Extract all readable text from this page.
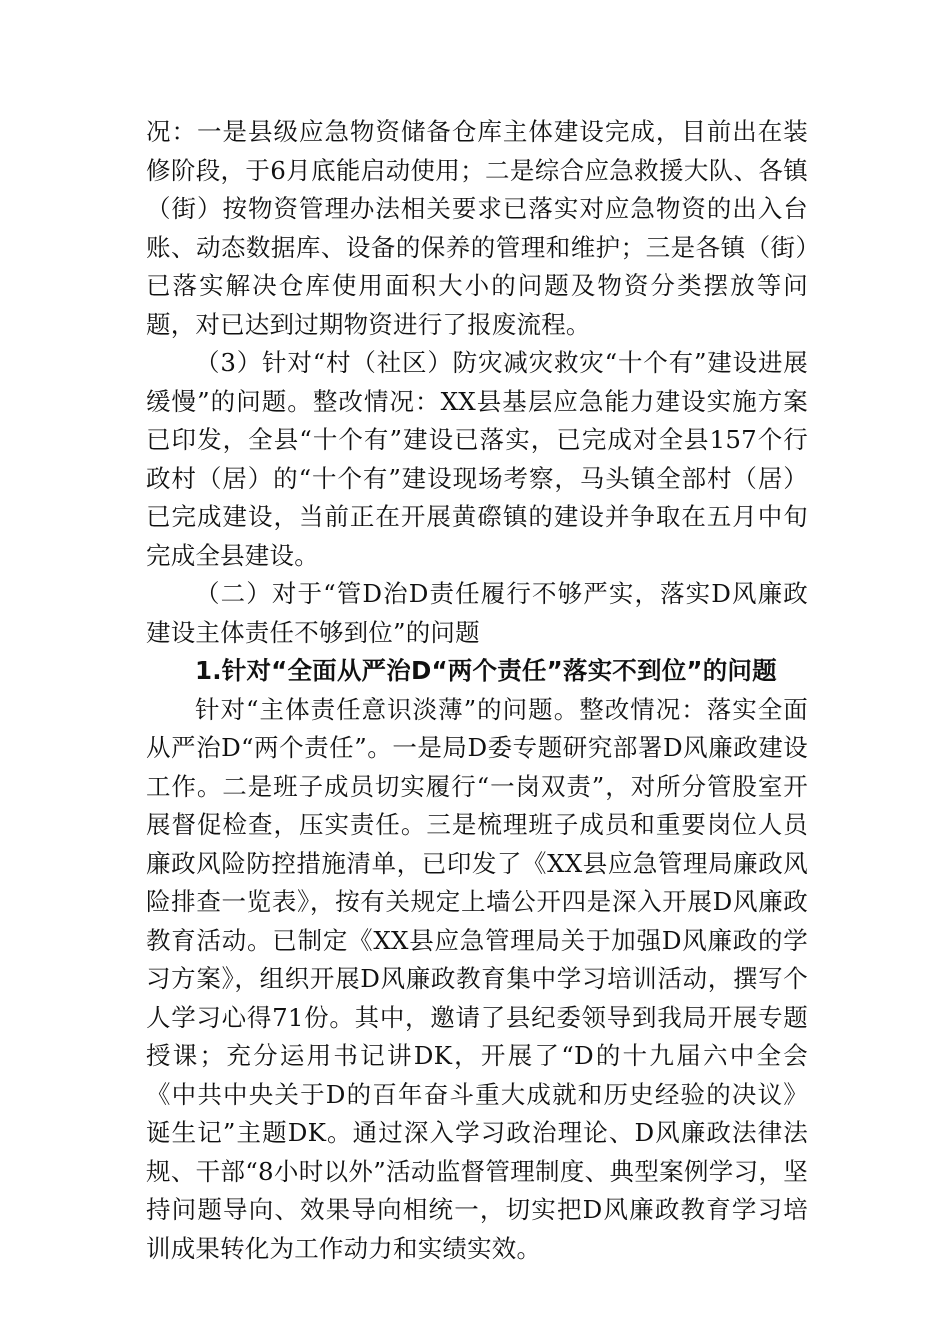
况：一是县级应急物资储备仓库主体建设完成，目前出在装修阶段，于6月底能启动使用；二是综合应急救援大队、各镇（街）按物资管理办法相关要求已落实对应急物资的出入台账、动态数据库、设备的保养的管理和维护；三是各镇（街）已落实解决仓库使用面积大小的问题及物资分类摆放等问题，对已达到过期物资进行了报废流程。

（3）针对“村（社区）防灾减灾救灾“十个有”建设进展缓慢”的问题。整改情况：XX县基层应急能力建设实施方案已印发，全县“十个有”建设已落实，已完成对全县157个行政村（居）的“十个有”建设现场考察，马头镇全部村（居）已完成建设，当前正在开展黄磜镇的建设并争取在五月中旬完成全县建设。

（二）对于“管D治D责任履行不够严实，落实D风廉政建设主体责任不够到位”的问题

1.针对“全面从严治D“两个责任”落实不到位”的问题

针对“主体责任意识淡薄”的问题。整改情况：落实全面从严治D“两个责任”。一是局D委专题研究部署D风廉政建设工作。二是班子成员切实履行“一岗双责”，对所分管股室开展督促检查，压实责任。三是梳理班子成员和重要岗位人员廉政风险防控措施清单，已印发了《XX县应急管理局廉政风险排查一览表》，按有关规定上墙公开四是深入开展D风廉政教育活动。已制定《XX县应急管理局关于加强D风廉政的学习方案》，组织开展D风廉政教育集中学习培训活动，撰写个人学习心得71份。其中，邀请了县纪委领导到我局开展专题授课；充分运用书记讲DK，开展了“D的十九届六中全会《中共中央关于D的百年奋斗重大成就和历史经验的决议》诞生记”主题DK。通过深入学习政治理论、D风廉政法律法规、干部“8小时以外”活动监督管理制度、典型案例学习，坚持问题导向、效果导向相统一，切实把D风廉政教育学习培训成果转化为工作动力和实绩实效。
